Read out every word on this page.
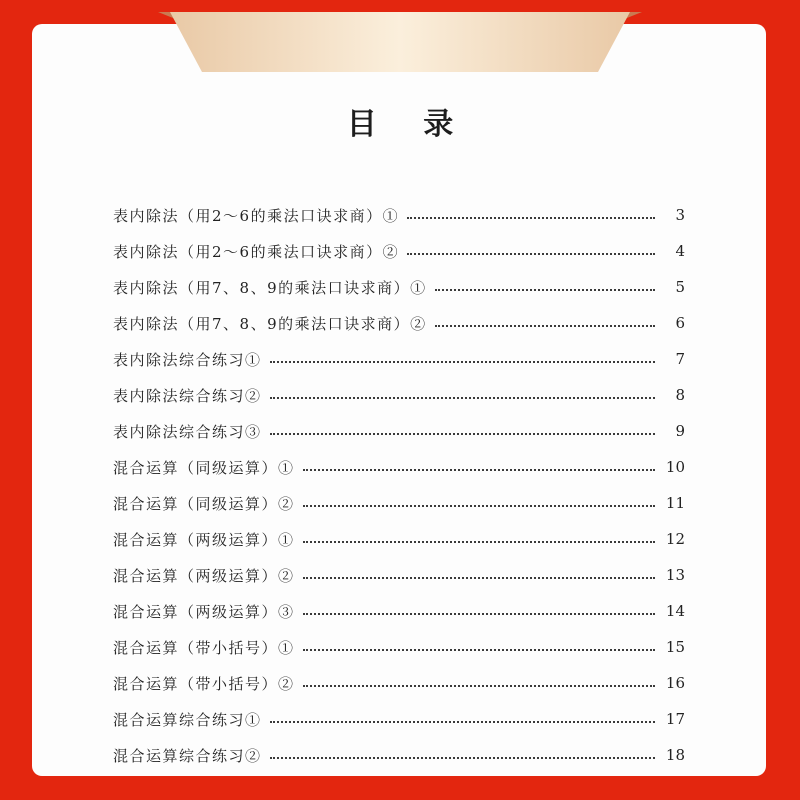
目 录
表内除法（用2～6的乘法口诀求商）①	3
表内除法（用2～6的乘法口诀求商）②	4
表内除法（用7、8、9的乘法口诀求商）①	5
表内除法（用7、8、9的乘法口诀求商）②	6
表内除法综合练习①	7
表内除法综合练习②	8
表内除法综合练习③	9
混合运算（同级运算）①	10
混合运算（同级运算）②	11
混合运算（两级运算）①	12
混合运算（两级运算）②	13
混合运算（两级运算）③	14
混合运算（带小括号）①	15
混合运算（带小括号）②	16
混合运算综合练习①	17
混合运算综合练习②	18
